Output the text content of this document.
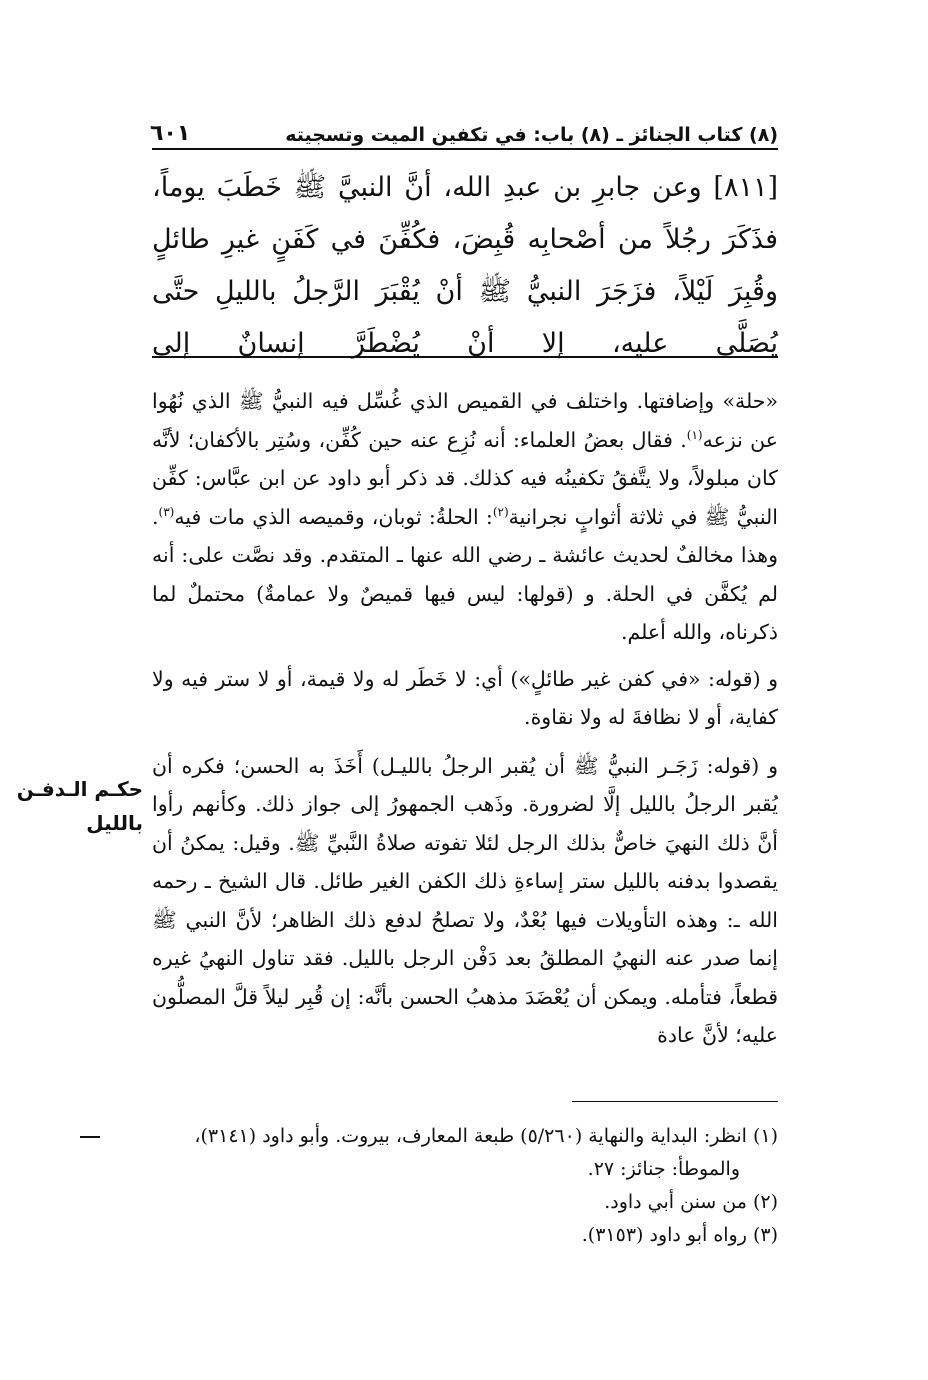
(٨) كتاب الجنائز ـ (٨) باب: في تكفين الميت وتسجيته
٦٠١

[٨١١] وعن جابرِ بن عبدِ الله، أنَّ النبيَّ ﷺ خَطَبَ يوماً، فذَكَرَ رجُلاً من أصْحابِه قُبِضَ، فكُفِّنَ في كَفَنٍ غيرِ طائلٍ وقُبِرَ لَيْلاً، فزَجَرَ النبيُّ ﷺ أنْ يُقْبَرَ الرَّجلُ بالليلِ حتَّى يُصَلَّى عليه، إلا أنْ يُضْطَرَّ إنسانٌ إلى

«حلة» وإضافتها. واختلف في القميص الذي غُسِّل فيه النبيُّ ﷺ الذي نُهُوا عن نزعه$^{(١)}$. فقال بعضُ العلماء: أنه نُزِع عنه حين كُفِّن، وسُتِر بالأكفان؛ لأنَّه كان مبلولاً، ولا يتَّفقُ تكفينُه فيه كذلك. قد ذكر أبو داود عن ابن عبَّاس: كفِّن النبيُّ ﷺ في ثلاثة أثوابٍ نجرانية$^{(٢)}$: الحلةُ: ثوبان، وقميصه الذي مات فيه$^{(٣)}$. وهذا مخالفٌ لحديث عائشة ـ رضي الله عنها ـ المتقدم. وقد نصَّت على: أنه لم يُكفَّن في الحلة. و (قولها: ليس فيها قميصٌ ولا عمامةٌ) محتملٌ لما ذكرناه، والله أعلم.

و (قوله: «في كفن غير طائلٍ») أي: لا خَطَر له ولا قيمة، أو لا ستر فيه ولا كفاية، أو لا نظافةَ له ولا نقاوة.

و (قوله: زَجَـر النبيُّ ﷺ أن يُقبر الرجلُ بالليـل) أَخَذَ به الحسن؛ فكره أن يُقبر الرجلُ بالليل إلَّا لضرورة. وذَهب الجمهورُ إلى جواز ذلك. وكأنهم رأوا أنَّ ذلك النهيَ خاصٌّ بذلك الرجل لئلا تفوته صلاةُ النَّبيِّ ﷺ. وقيل: يمكنُ أن يقصدوا بدفنه بالليل ستر إساءةِ ذلك الكفن الغير طائل. قال الشيخ ـ رحمه الله ـ: وهذه التأويلات فيها بُعْدٌ، ولا تصلحُ لدفع ذلك الظاهر؛ لأنَّ النبي ﷺ إنما صدر عنه النهيُ المطلقُ بعد دَفْن الرجل بالليل. فقد تناول النهيُ غيره قطعاً، فتأمله. ويمكن أن يُعْضَدَ مذهبُ الحسن بأنَّه: إن قُبِر ليلاً قلَّ المصلُّون عليه؛ لأنَّ عادة

حكـم الـدفـن بالليل
(١) انظر: البداية والنهاية (٥/٢٦٠) طبعة المعارف، بيروت. وأبو داود (٣١٤١)،
والموطأ: جنائز: ٢٧.
(٢) من سنن أبي داود.
(٣) رواه أبو داود (٣١٥٣).
